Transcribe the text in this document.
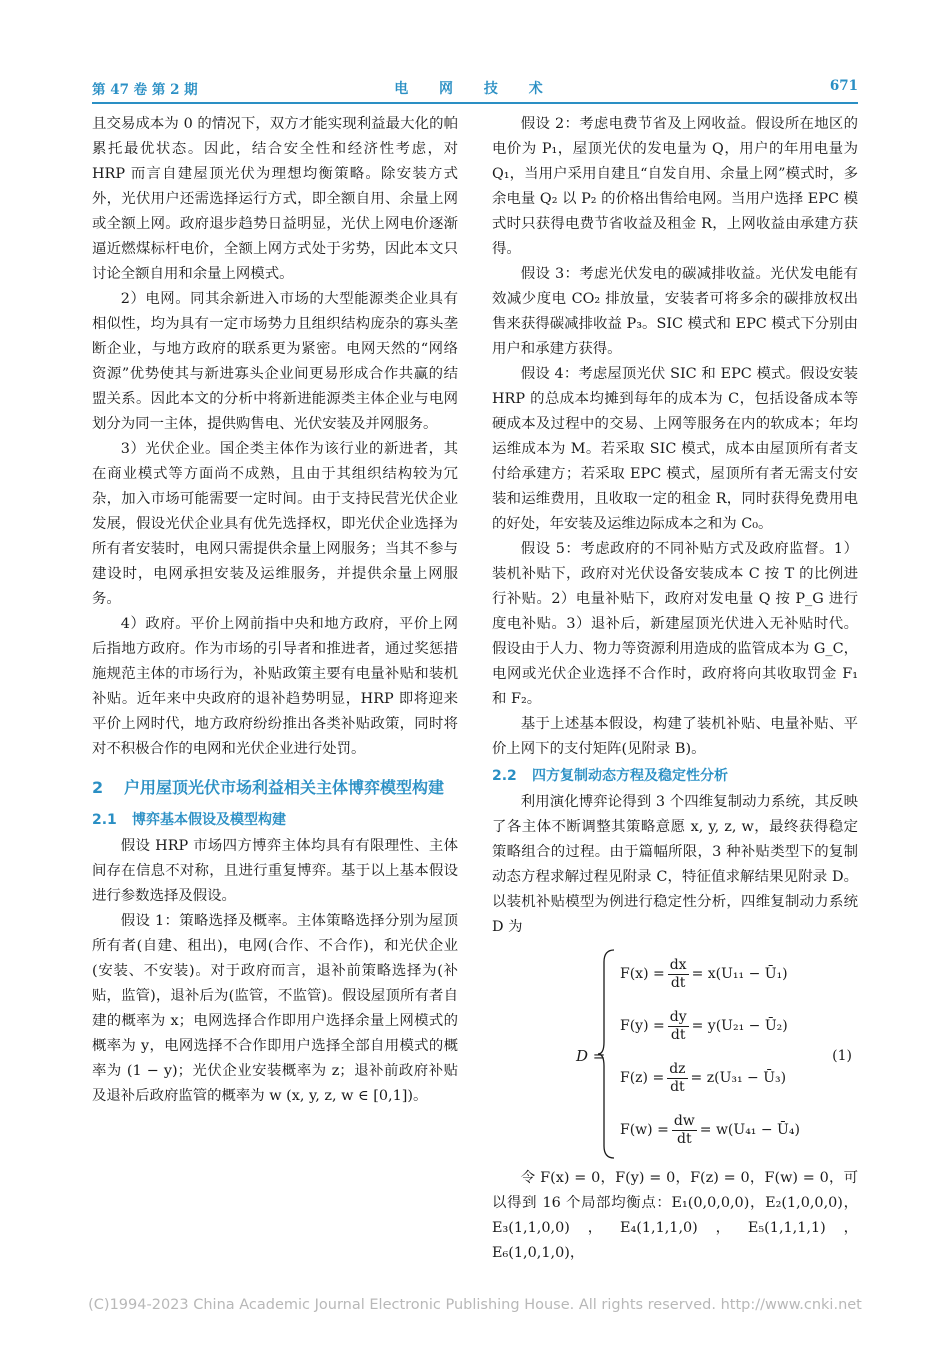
第 47 卷 第 2 期	电 网 技 术	671

且交易成本为 0 的情况下，双方才能实现利益最大化的帕累托最优状态。因此，结合安全性和经济性考虑，对 HRP 而言自建屋顶光伏为理想均衡策略。除安装方式外，光伏用户还需选择运行方式，即全额自用、余量上网或全额上网。政府退步趋势日益明显，光伏上网电价逐渐逼近燃煤标杆电价，全额上网方式处于劣势，因此本文只讨论全额自用和余量上网模式。

2）电网。同其余新进入市场的大型能源类企业具有相似性，均为具有一定市场势力且组织结构庞杂的寡头垄断企业，与地方政府的联系更为紧密。电网天然的“网络资源”优势使其与新进寡头企业间更易形成合作共赢的结盟关系。因此本文的分析中将新进能源类主体企业与电网划分为同一主体，提供购售电、光伏安装及并网服务。

3）光伏企业。国企类主体作为该行业的新进者，其在商业模式等方面尚不成熟，且由于其组织结构较为冗杂，加入市场可能需要一定时间。由于支持民营光伏企业发展，假设光伏企业具有优先选择权，即光伏企业选择为所有者安装时，电网只需提供余量上网服务；当其不参与建设时，电网承担安装及运维服务，并提供余量上网服务。

4）政府。平价上网前指中央和地方政府，平价上网后指地方政府。作为市场的引导者和推进者，通过奖惩措施规范主体的市场行为，补贴政策主要有电量补贴和装机补贴。近年来中央政府的退补趋势明显，HRP 即将迎来平价上网时代，地方政府纷纷推出各类补贴政策，同时将对不积极合作的电网和光伏企业进行处罚。

2	户用屋顶光伏市场利益相关主体博弈模型构建
2.1	博弈基本假设及模型构建

假设 HRP 市场四方博弈主体均具有有限理性、主体间存在信息不对称，且进行重复博弈。基于以上基本假设进行参数选择及假设。

假设 1：策略选择及概率。主体策略选择分别为屋顶所有者(自建、租出)，电网(合作、不合作)，和光伏企业(安装、不安装)。对于政府而言，退补前策略选择为(补贴，监管)，退补后为(监管，不监管)。假设屋顶所有者自建的概率为 x；电网选择合作即用户选择余量上网模式的概率为 y，电网选择不合作即用户选择全部自用模式的概率为 (1 − y)；光伏企业安装概率为 z；退补前政府补贴及退补后政府监管的概率为 w (x, y, z, w ∈ [0,1])。

假设 2：考虑电费节省及上网收益。假设所在地区的电价为 P₁，屋顶光伏的发电量为 Q，用户的年用电量为 Q₁，当用户采用自建且“自发自用、余量上网”模式时，多余电量 Q₂ 以 P₂ 的价格出售给电网。当用户选择 EPC 模式时只获得电费节省收益及租金 R，上网收益由承建方获得。

假设 3：考虑光伏发电的碳减排收益。光伏发电能有效减少度电 CO₂ 排放量，安装者可将多余的碳排放权出售来获得碳减排收益 P₃。SIC 模式和 EPC 模式下分别由用户和承建方获得。

假设 4：考虑屋顶光伏 SIC 和 EPC 模式。假设安装 HRP 的总成本均摊到每年的成本为 C，包括设备成本等硬成本及过程中的交易、上网等服务在内的软成本；年均运维成本为 M。若采取 SIC 模式，成本由屋顶所有者支付给承建方；若采取 EPC 模式，屋顶所有者无需支付安装和运维费用，且收取一定的租金 R，同时获得免费用电的好处，年安装及运维边际成本之和为 C₀。

假设 5：考虑政府的不同补贴方式及政府监督。1）装机补贴下，政府对光伏设备安装成本 C 按 T 的比例进行补贴。2）电量补贴下，政府对发电量 Q 按 P_G 进行度电补贴。3）退补后，新建屋顶光伏进入无补贴时代。假设由于人力、物力等资源利用造成的监管成本为 G_C，电网或光伏企业选择不合作时，政府将向其收取罚金 F₁ 和 F₂。

基于上述基本假设，构建了装机补贴、电量补贴、平价上网下的支付矩阵(见附录 B)。

2.2	四方复制动态方程及稳定性分析

利用演化博弈论得到 3 个四维复制动力系统，其反映了各主体不断调整其策略意愿 x, y, z, w，最终获得稳定策略组合的过程。由于篇幅所限，3 种补贴类型下的复制动态方程求解过程见附录 C，特征值求解结果见附录 D。以装机补贴模型为例进行稳定性分析，四维复制动力系统 D 为

D =
$F(x) = \frac{dx}{dt} = x(U_{11}$ − Ū₁)
$F(y) = \frac{dy}{dt} = y(U_{21}$ − Ū₂)
$F(z) = \frac{dz}{dt} = z(U_{31}$ − Ū₃)
$F(w) = \frac{dw}{dt} = w(U_{41}$ − Ū₄)
(1)

令 F(x) = 0，F(y) = 0，F(z) = 0，F(w) = 0，可以得到 16 个局部均衡点：E₁(0,0,0,0)，E₂(1,0,0,0)，E₃(1,1,0,0)，E₄(1,1,1,0)，E₅(1,1,1,1)，E₆(1,0,1,0)，

(C)1994-2023 China Academic Journal Electronic Publishing House. All rights reserved. http://www.cnki.net
